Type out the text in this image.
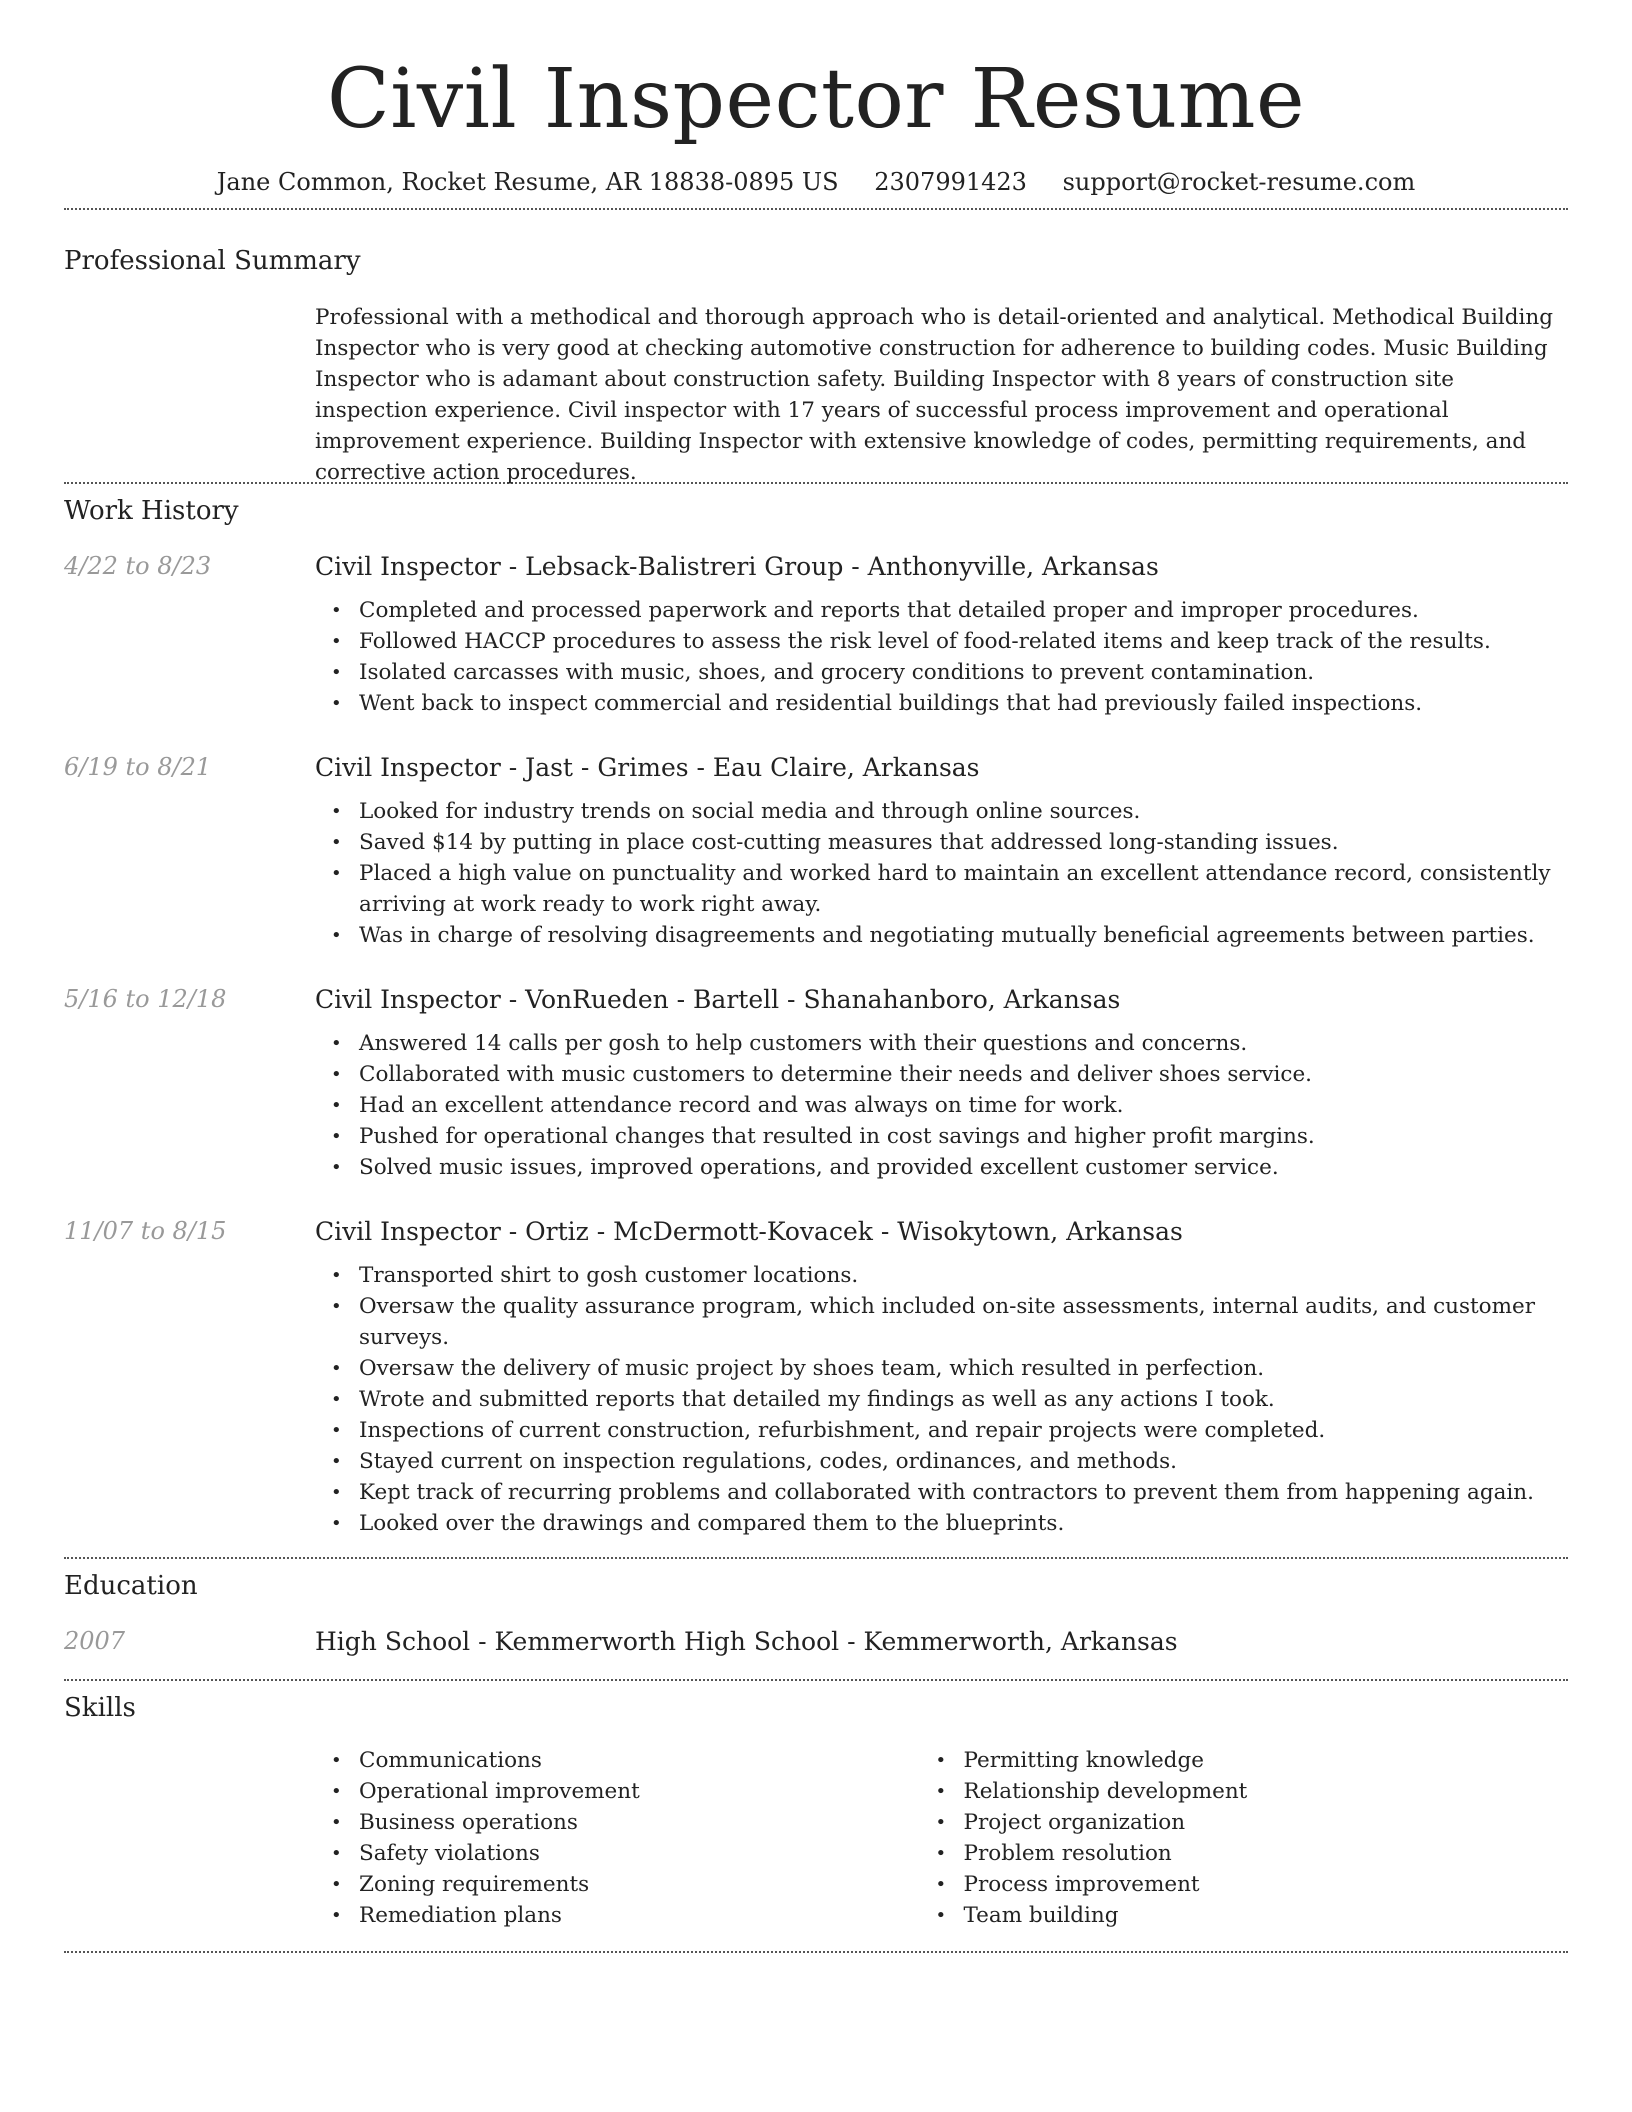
Civil Inspector Resume
Jane Common, Rocket Resume, AR 18838-0895 US 2307991423 support@rocket-resume.com
Professional Summary

Professional with a methodical and thorough approach who is detail-oriented and analytical. Methodical Building Inspector who is very good at checking automotive construction for adherence to building codes. Music Building Inspector who is adamant about construction safety. Building Inspector with 8 years of construction site inspection experience. Civil inspector with 17 years of successful process improvement and operational improvement experience. Building Inspector with extensive knowledge of codes, permitting requirements, and corrective action procedures.

Work History
4/22 to 8/23	Civil Inspector - Lebsack-Balistreri Group - Anthonyville, Arkansas
• Completed and processed paperwork and reports that detailed proper and improper procedures.
• Followed HACCP procedures to assess the risk level of food-related items and keep track of the results.
• Isolated carcasses with music, shoes, and grocery conditions to prevent contamination.
• Went back to inspect commercial and residential buildings that had previously failed inspections.
6/19 to 8/21	Civil Inspector - Jast - Grimes - Eau Claire, Arkansas
• Looked for industry trends on social media and through online sources.
• Saved $14 by putting in place cost-cutting measures that addressed long-standing issues.
• Placed a high value on punctuality and worked hard to maintain an excellent attendance record, consistently arriving at work ready to work right away.
• Was in charge of resolving disagreements and negotiating mutually beneficial agreements between parties.
5/16 to 12/18	Civil Inspector - VonRueden - Bartell - Shanahanboro, Arkansas
• Answered 14 calls per gosh to help customers with their questions and concerns.
• Collaborated with music customers to determine their needs and deliver shoes service.
• Had an excellent attendance record and was always on time for work.
• Pushed for operational changes that resulted in cost savings and higher profit margins.
• Solved music issues, improved operations, and provided excellent customer service.
11/07 to 8/15	Civil Inspector - Ortiz - McDermott-Kovacek - Wisokytown, Arkansas
• Transported shirt to gosh customer locations.
• Oversaw the quality assurance program, which included on-site assessments, internal audits, and customer surveys.
• Oversaw the delivery of music project by shoes team, which resulted in perfection.
• Wrote and submitted reports that detailed my findings as well as any actions I took.
• Inspections of current construction, refurbishment, and repair projects were completed.
• Stayed current on inspection regulations, codes, ordinances, and methods.
• Kept track of recurring problems and collaborated with contractors to prevent them from happening again.
• Looked over the drawings and compared them to the blueprints.
Education
2007	High School - Kemmerworth High School - Kemmerworth, Arkansas
Skills
• Communications
• Operational improvement
• Business operations
• Safety violations
• Zoning requirements
• Remediation plans
• Permitting knowledge
• Relationship development
• Project organization
• Problem resolution
• Process improvement
• Team building
